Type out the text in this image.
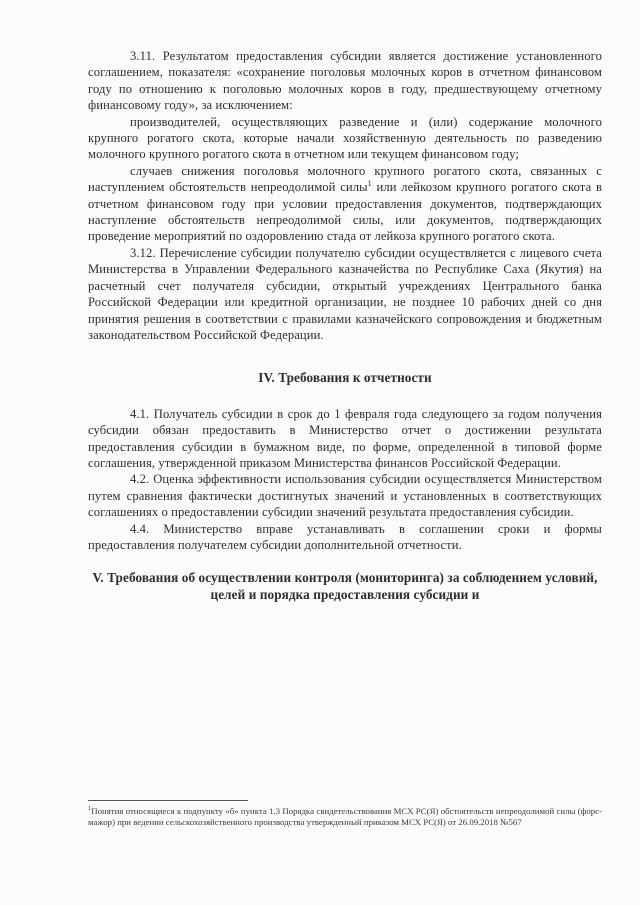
3.11. Результатом предоставления субсидии является достижение установленного соглашением, показателя: «сохранение поголовья молочных коров в отчетном финансовом году по отношению к поголовью молочных коров в году, предшествующему отчетному финансовому году», за исключением:

производителей, осуществляющих разведение и (или) содержание молочного крупного рогатого скота, которые начали хозяйственную деятельность по разведению молочного крупного рогатого скота в отчетном или текущем финансовом году;

случаев снижения поголовья молочного крупного рогатого скота, связанных с наступлением обстоятельств непреодолимой силы$^1$ или лейкозом крупного рогатого скота в отчетном финансовом году при условии предоставления документов, подтверждающих наступление обстоятельств непреодолимой силы, или документов, подтверждающих проведение мероприятий по оздоровлению стада от лейкоза крупного рогатого скота.

3.12. Перечисление субсидии получателю субсидии осуществляется с лицевого счета Министерства в Управлении Федерального казначейства по Республике Саха (Якутия) на расчетный счет получателя субсидии, открытый учреждениях Центрального банка Российской Федерации или кредитной организации, не позднее 10 рабочих дней со дня принятия решения в соответствии с правилами казначейского сопровождения и бюджетным законодательством Российской Федерации.

IV. Требования к отчетности

4.1. Получатель субсидии в срок до 1 февраля года следующего за годом получения субсидии обязан предоставить в Министерство отчет о достижении результата предоставления субсидии в бумажном виде, по форме, определенной в типовой форме соглашения, утвержденной приказом Министерства финансов Российской Федерации.

4.2. Оценка эффективности использования субсидии осуществляется Министерством путем сравнения фактически достигнутых значений и установленных в соответствующих соглашениях о предоставлении субсидии значений результата предоставления субсидии.

4.4. Министерство вправе устанавливать в соглашении сроки и формы предоставления получателем субсидии дополнительной отчетности.

V. Требования об осуществлении контроля (мониторинга) за соблюдением условий, целей и порядка предоставления субсидии и

$^1$Понятия относящиеся к подпункту «б» пункта 1.3 Порядка свидетельствования МСХ РС(Я) обстоятельств непреодолимой силы (форс-мажор) при ведении сельскохозяйственного производства утвержденный приказом МСХ РС(Я) от 26.09.2018 №567
